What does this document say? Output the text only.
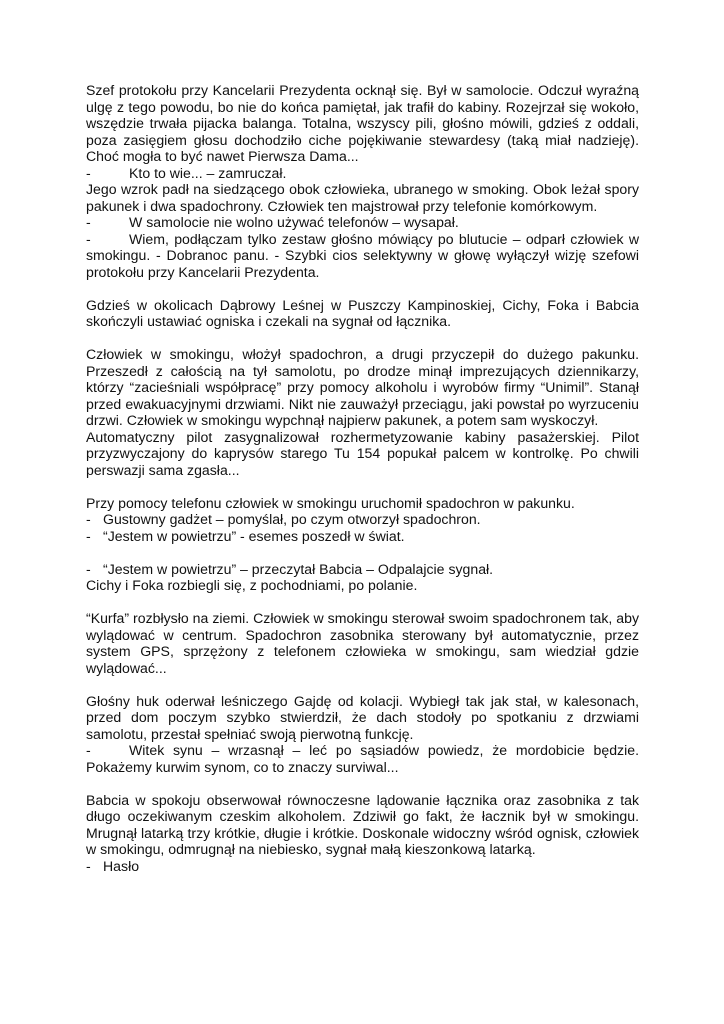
Szef protokołu przy Kancelarii Prezydenta ocknął się. Był w samolocie. Odczuł wyraźną ulgę z tego powodu, bo nie do końca pamiętał, jak trafił do kabiny. Rozejrzał się wokoło, wszędzie trwała pijacka balanga. Totalna, wszyscy pili, głośno mówili, gdzieś z oddali, poza zasięgiem głosu dochodziło ciche pojękiwanie stewardesy (taką miał nadzieję). Choć mogła to być nawet Pierwsza Dama...

-	Kto to wie... – zamruczał.

Jego wzrok padł na siedzącego obok człowieka, ubranego w smoking. Obok leżał spory pakunek i dwa spadochrony. Człowiek ten majstrował przy telefonie komórkowym.

-	W samolocie nie wolno używać telefonów – wysapał.

-	Wiem, podłączam tylko zestaw głośno mówiący po blutucie – odparł człowiek w smokingu. - Dobranoc panu. - Szybki cios selektywny w głowę wyłączył wizję szefowi protokołu przy Kancelarii Prezydenta.

Gdzieś w okolicach Dąbrowy Leśnej w Puszczy Kampinoskiej, Cichy, Foka i Babcia skończyli ustawiać ogniska i czekali na sygnał od łącznika.

Człowiek w smokingu, włożył spadochron, a drugi przyczepił do dużego pakunku. Przeszedł z całością na tył samolotu, po drodze minął imprezujących dziennikarzy, którzy “zacieśniali współpracę” przy pomocy alkoholu i wyrobów firmy “Unimil”. Stanął przed ewakuacyjnymi drzwiami. Nikt nie zauważył przeciągu, jaki powstał po wyrzuceniu drzwi. Człowiek w smokingu wypchnął najpierw pakunek, a potem sam wyskoczył.

Automatyczny pilot zasygnalizował rozhermetyzowanie kabiny pasażerskiej. Pilot przyzwyczajony do kaprysów starego Tu 154 popukał palcem w kontrolkę. Po chwili perswazji sama zgasła...

Przy pomocy telefonu człowiek w smokingu uruchomił spadochron w pakunku.

- Gustowny gadżet – pomyślał, po czym otworzył spadochron.

- “Jestem w powietrzu” - esemes poszedł w świat.

- “Jestem w powietrzu” – przeczytał Babcia – Odpalajcie sygnał.

Cichy i Foka rozbiegli się, z pochodniami, po polanie.

“Kurfa” rozbłysło na ziemi. Człowiek w smokingu sterował swoim spadochronem tak, aby wylądować w centrum. Spadochron zasobnika sterowany był automatycznie, przez system GPS, sprzężony z telefonem człowieka w smokingu, sam wiedział gdzie wylądować...

Głośny huk oderwał leśniczego Gajdę od kolacji. Wybiegł tak jak stał, w kalesonach, przed dom poczym szybko stwierdził, że dach stodoły po spotkaniu z drzwiami samolotu, przestał spełniać swoją pierwotną funkcję.

-	Witek synu – wrzasnął – leć po sąsiadów powiedz, że mordobicie będzie. Pokażemy kurwim synom, co to znaczy surviwal...

Babcia w spokoju obserwował równoczesne lądowanie łącznika oraz zasobnika z tak długo oczekiwanym czeskim alkoholem. Zdziwił go fakt, że łacznik był w smokingu. Mrugnął latarką trzy krótkie, długie i krótkie. Doskonale widoczny wśród ognisk, człowiek w smokingu, odmrugnął na niebiesko, sygnał małą kieszonkową latarką.

- Hasło
